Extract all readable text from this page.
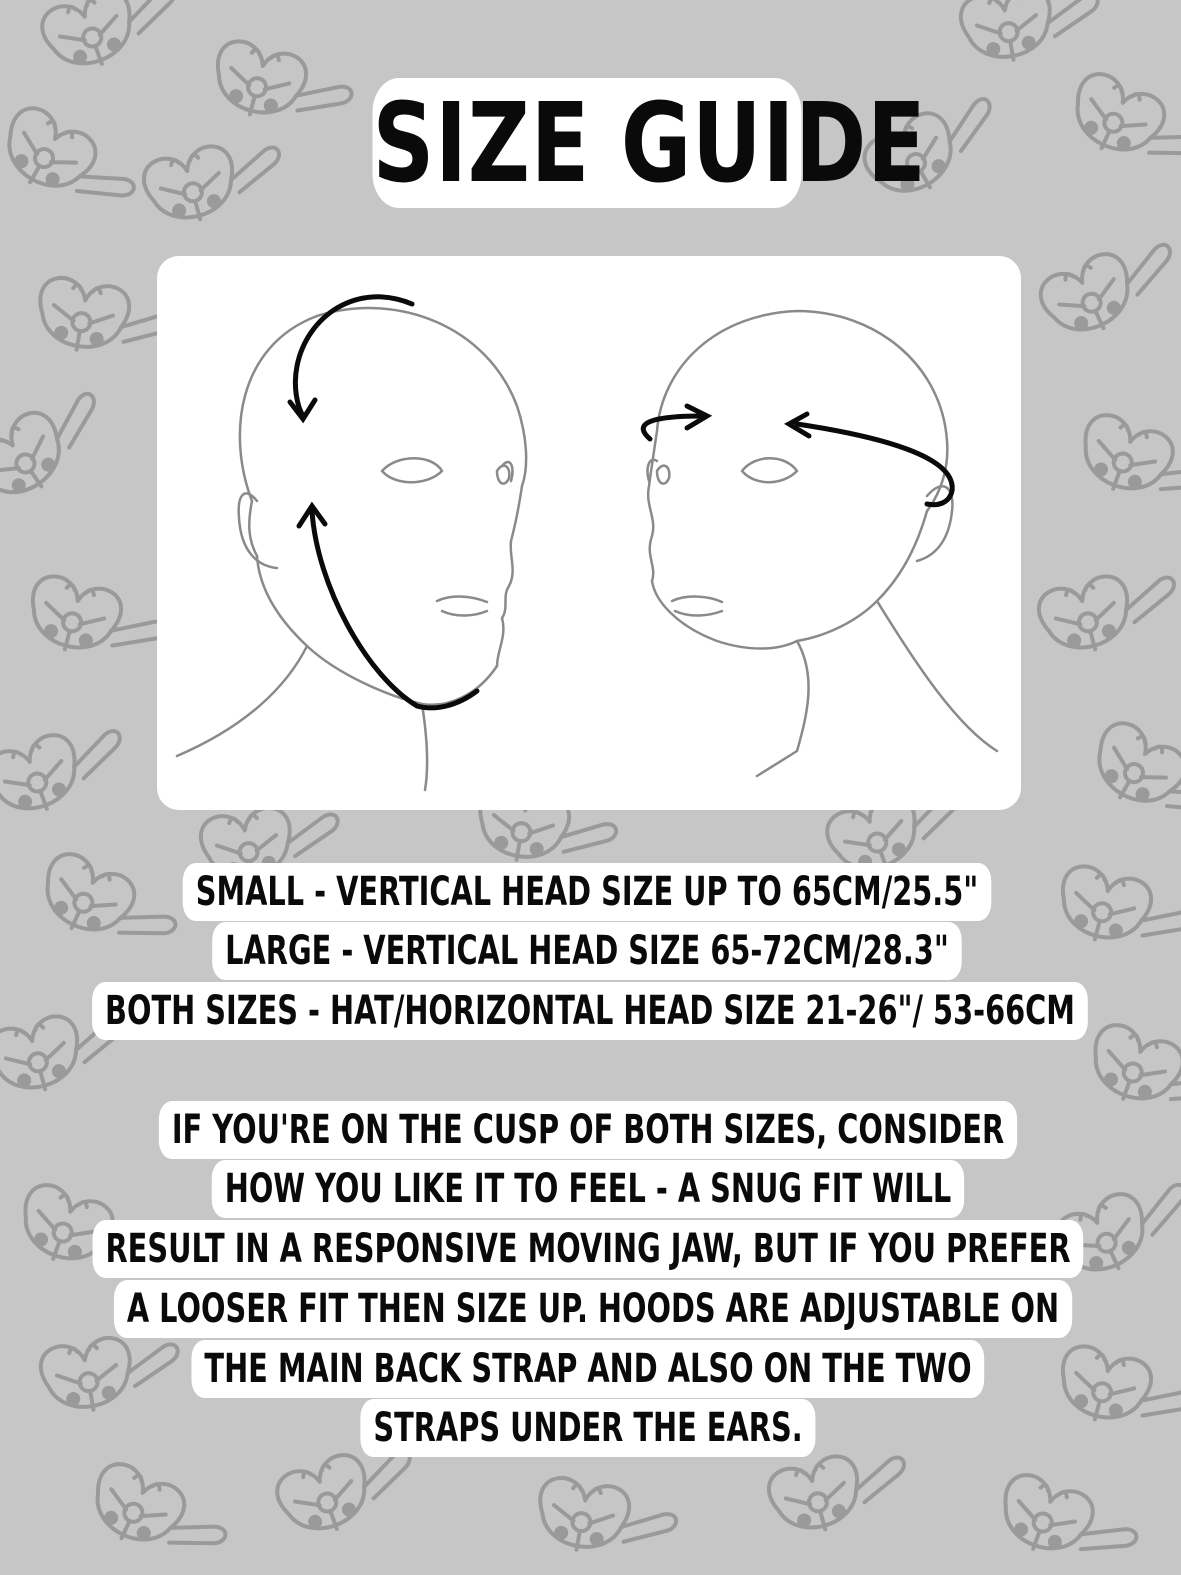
SIZE GUIDE
SMALL - VERTICAL HEAD SIZE UP TO 65CM/25.5"
LARGE - VERTICAL HEAD SIZE 65-72CM/28.3"
BOTH SIZES - HAT/HORIZONTAL HEAD SIZE 21-26"/ 53-66CM
IF YOU'RE ON THE CUSP OF BOTH SIZES, CONSIDER
HOW YOU LIKE IT TO FEEL - A SNUG FIT WILL
RESULT IN A RESPONSIVE MOVING JAW, BUT IF YOU PREFER
A LOOSER FIT THEN SIZE UP. HOODS ARE ADJUSTABLE ON
THE MAIN BACK STRAP AND ALSO ON THE TWO
STRAPS UNDER THE EARS.
